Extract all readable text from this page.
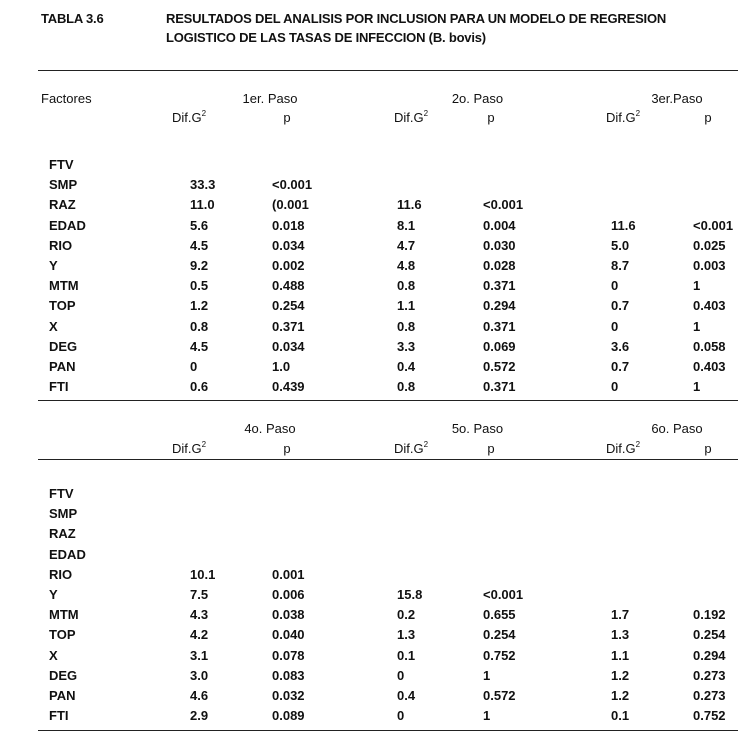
TABLA 3.6	RESULTADOS DEL ANALISIS POR INCLUSION PARA UN MODELO DE REGRESION
LOGISTICO DE LAS TASAS DE INFECCION (B. bovis)
Factores	1er. Paso
$Dif.G^2$	p
2o. Paso
$Dif.G^2$	p
3er.Paso
$Dif.G^2$	p
FTV
SMP	33.3	<0.001
RAZ	11.0	(0.001	11.6	<0.001
EDAD	5.6	0.018	8.1	0.004	11.6	<0.001
RIO	4.5	0.034	4.7	0.030	5.0	0.025
Y	9.2	0.002	4.8	0.028	8.7	0.003
MTM	0.5	0.488	0.8	0.371	0	1
TOP	1.2	0.254	1.1	0.294	0.7	0.403
X	0.8	0.371	0.8	0.371	0	1
DEG	4.5	0.034	3.3	0.069	3.6	0.058
PAN	0	1.0	0.4	0.572	0.7	0.403
FTI	0.6	0.439	0.8	0.371	0	1
4o. Paso
$Dif.G^2$	p
5o. Paso
$Dif.G^2$	p
6o. Paso
$Dif.G^2$	p
FTV
SMP
RAZ
EDAD
RIO	10.1	0.001
Y	7.5	0.006	15.8	<0.001
MTM	4.3	0.038	0.2	0.655	1.7	0.192
TOP	4.2	0.040	1.3	0.254	1.3	0.254
X	3.1	0.078	0.1	0.752	1.1	0.294
DEG	3.0	0.083	0	1	1.2	0.273
PAN	4.6	0.032	0.4	0.572	1.2	0.273
FTI	2.9	0.089	0	1	0.1	0.752
